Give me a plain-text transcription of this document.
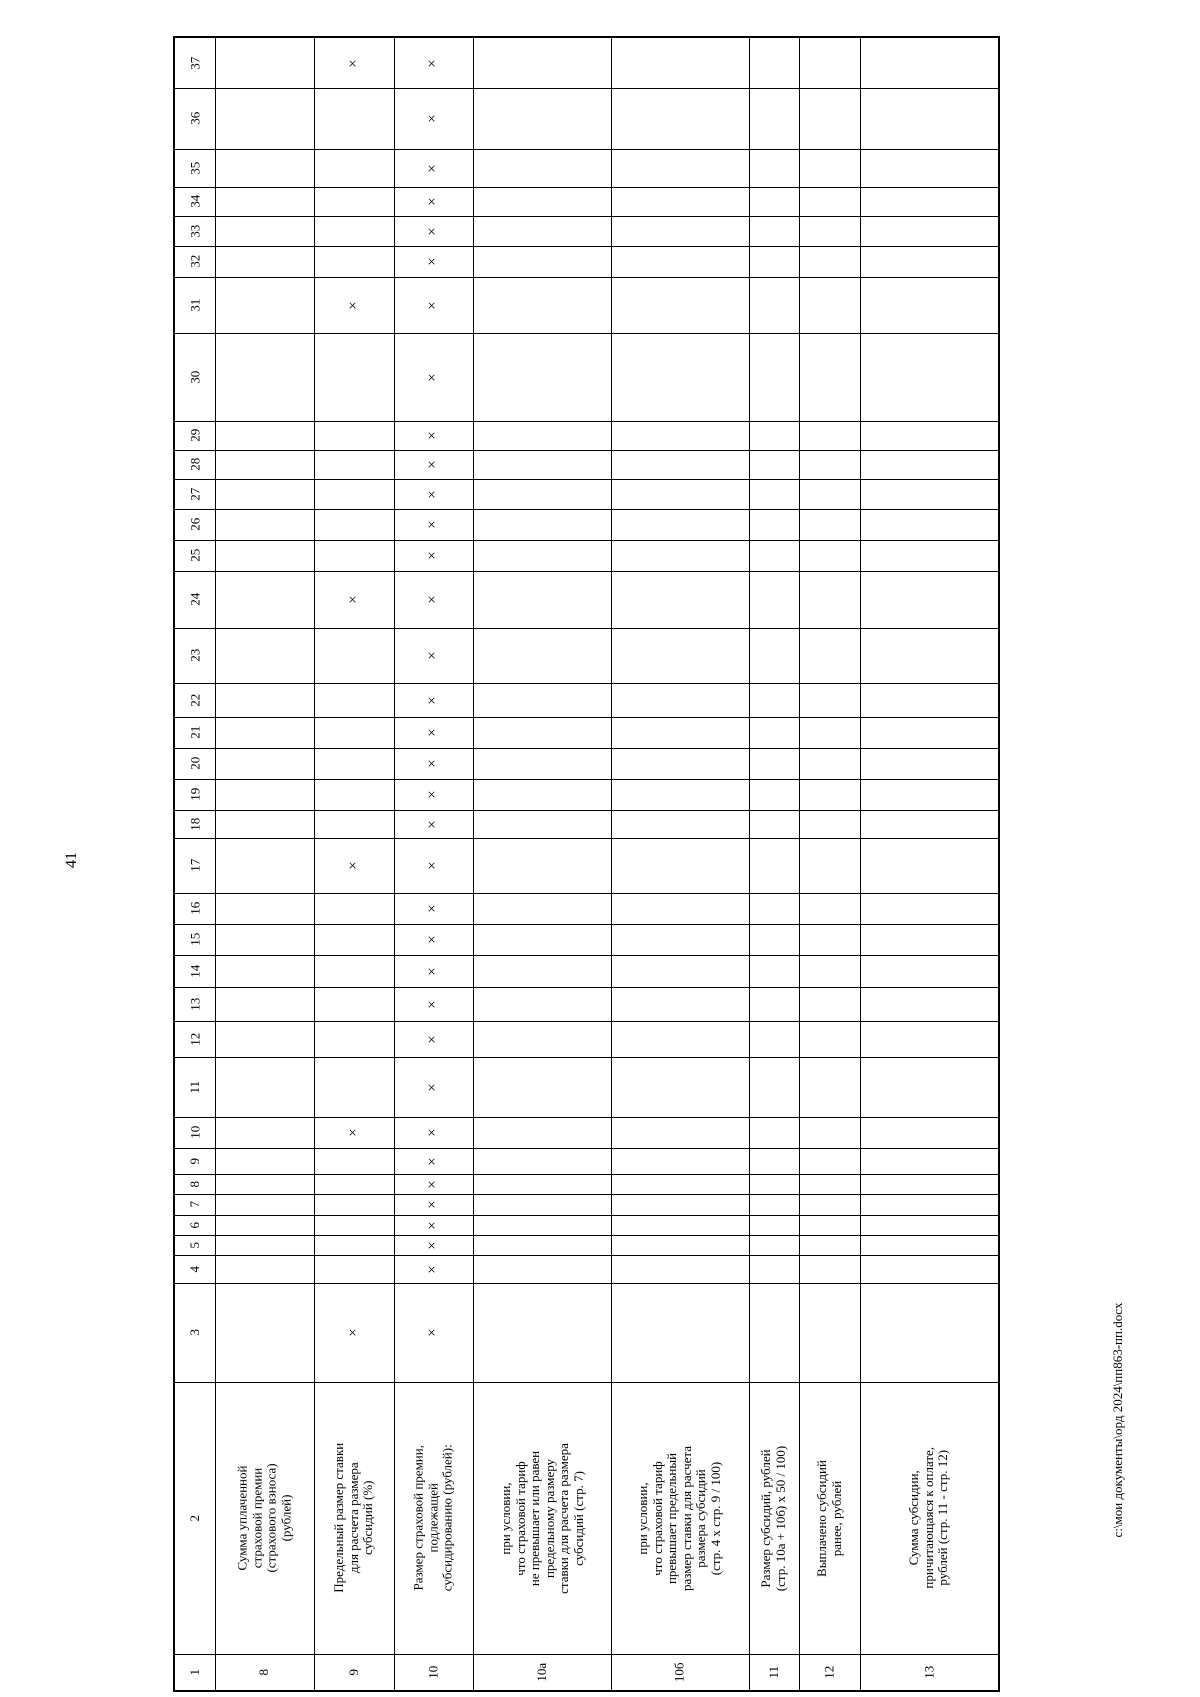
41
с:\мои документы\орд 2024\пп863-пп.docx
1
2
3
4
5
6
7
8
9
10
11
12
13
14
15
16
17
18
19
20
21
22
23
24
25
26
27
28
29
30
31
32
33
34
35
36
37
8
Сумма уплаченной страховой премии (страхового взноса) (рублей)
9
Предельный размер ставки для расчета размера субсидий (%)
×
×
×
×
×
×
10
Размер страховой премии, подлежащей субсидированию (рублей):
×
×
×
×
×
×
×
×
×
×
×
×
×
×
×
×
×
×
×
×
×
×
×
×
×
×
×
×
×
×
×
×
×
×
×
10а
при условии, что страховой тариф не превышает или равен предельному размеру ставки для расчета размера субсидий (стр. 7)
10б
при условии, что страховой тариф превышает предельный размер ставки для расчета размера субсидий (стр. 4 х стр. 9 / 100)
11
Размер субсидий, рублей (стр. 10а + 10б) х 50 / 100)
12
Выплачено субсидий ранее, рублей
13
Сумма субсидии, причитающаяся к оплате, рублей (стр. 11 - стр. 12)
